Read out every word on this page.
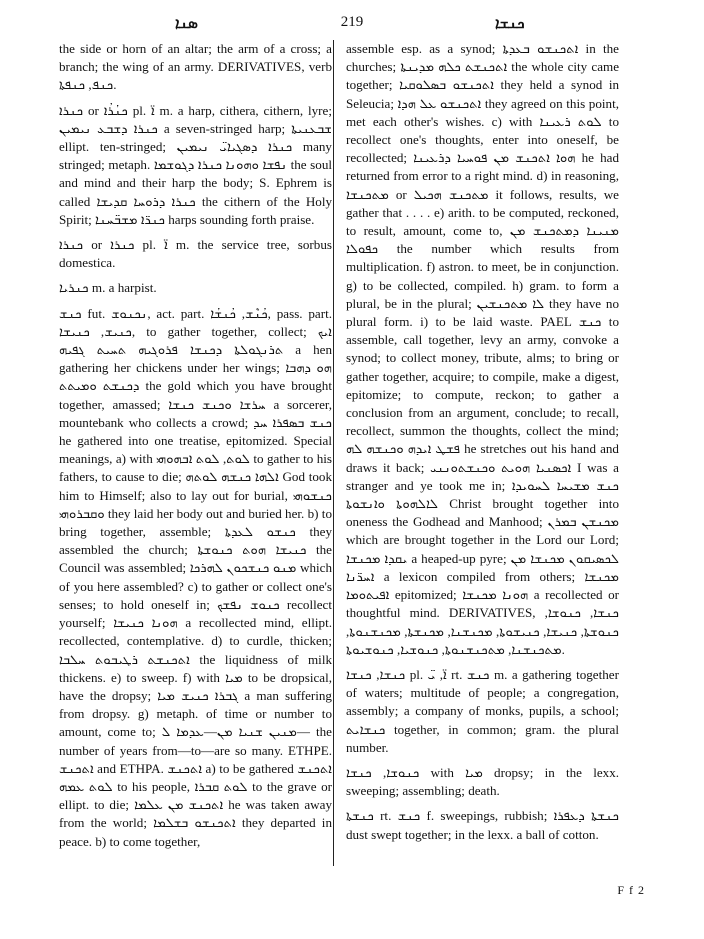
ܣܢܐ	219	ܟܢܫܐ

the side or horn of an altar; the arm of a cross; a branch; the wing of an army. DERIVATIVES, verb ܟܢܦ, ܟܢܦܬܐ.

ܟܢܪܐ or ܟܢܳܪܳܐ pl. ܐ̈ m. a harp, cithera, cithern, lyre; ܟܢܪܐ ܕܫܒܥ ܢܝܡܝܢ a seven-stringed harp; ܫܒܥܢܝܬܐ ellipt. ten-stringed; ܟܢܪܐ ܕܣܓܝܐܝ̈ ܢܝܡܝܢ many stringed; metaph. ܢܦܫܐ ܘܗܘܢܐ ܟܢܪܐ ܕܓܘܫܡܐ the soul and mind and their harp the body; S. Ephrem is called ܟܢܪܐ ܕܪܘܚܐ ܩܕܝܫܐ the cithern of the Holy Spirit; ܟܢܪ̈ܐ ܡܫܒ̈ܚܢܐ harps sounding forth praise.

ܟܢܪܐ or ܟܢܪܐ pl. ܐ̈ m. the service tree, sorbus domestica.

ܟܢܪܝܐ m. a harpist.

ܟܢܫ fut. ܢܟܢܘܫ, act. part. ܟܳܢܶܫ, ܟܳܢܫܳܐ, pass. part. ܟܢܝܫ, ܟܢܝܫܐ, to gather together, collect; ܐܝܟ ܬܪܢܓܘܠܬܐ ܕܟܢܫܐ ܦܪܘܓܝܗ ܬܚܝܬ ܓܦܝܗ a hen gathering her chickens under her wings; ܗܘ ܕܗܒܐ ܕܟܢܫܬ ܘܡܝܬܬ the gold which you have brought together, amassed; ܚܪܫܐ ܘܟܢܫ ܟܢܫܐ a sorcerer, mountebank who collects a crowd; ܟܢܫ ܒܣܦܪܐ ܚܕ he gathered into one treatise, epitomized. Special meanings, a) with ܠܘܬ, ܠܘܬ ܐܒܗܘܗܝ to gather to his fathers, to cause to die; ܐܠܗܐ ܟܢܫܗ ܠܘܬܗ God took him to Himself; also to lay out for burial, ܟܢܫܘܗܝ ܘܩܒܪܘܗܝ they laid her body out and buried her. b) to bring together, assemble; ܟܢܫܘ ܠܥܕܬܐ they assembled the church; ܟܢܝܫܐ ܗܘܬ ܟܢܘܫܬܐ the Council was assembled; ܡܢܘ ܟܢܫܟܘܢ ܠܗܪܟܐ which of you here assembled? c) to gather or collect one's senses; to hold oneself in; ܟܢܘܫ ܢܦܫܟ recollect yourself; ܗܘܢܐ ܟܢܝܫܐ a recollected mind, ellipt. recollected, contemplative. d) to curdle, thicken; ܐܬܟܢܫܬ ܪܛܝܒܘܬ ܚܠܒܐ the liquidness of milk thickens. e) to sweep. f) with ܡܝܐ to be dropsical, have the dropsy; ܓܒܪܐ ܟܢܝܫ ܡܝܐ a man suffering from dropsy. g) metaph. of time or number to amount, come to; ܡܢܝܢ ܫܢܝܐ ܡܢ—ܥܕܡܐ ܠ— the number of years from—to—are so many. ETHPE. ܐܬܟܢܫ and ETHPA. ܐܬܟܢܫ a) to be gathered ܐܬܟܢܫ ܠܘܬ ܥܡܗ to his people, ܠܘܬ ܩܒܪܐ to the grave or ellipt. to die; ܐܬܟܢܫ ܡܢ ܥܠܡܐ he was taken away from the world; ܐܬܟܢܫܘ ܒܫܠܡܐ they departed in peace. b) to come together,

assemble esp. as a synod; ܐܬܟܢܫܘ ܒܥܕܬܐ in the churches; ܐܬܟܢܫܬ ܟܠܗ ܡܕܝܢܬܐ the whole city came together; ܐܬܟܢܫܘ ܒܣܠܘܩܝܐ they held a synod in Seleucia; ܐܬܟܢܫܘ ܥܠ ܗܕܐ they agreed on this point, met each other's wishes. c) with ܠܘܬ ܪܥܝܢܐ to recollect one's thoughts, enter into oneself, be recollected; ܗܘܐ ܐܬܟܢܫ ܡܢ ܦܘܚܝܐ ܕܪܥܝܢܐ he had returned from error to a right mind. d) in reasoning, ܡܬܟܢܫܐ or ܡܬܟܢܫ ܗܟܝܠ it follows, results, we gather that . . . . e) arith. to be computed, reckoned, to result, amount, come to, ܡܢܝܢܐ ܕܡܬܟܢܫ ܡܢ ܟܦܘܠܐ the number which results from multiplication. f) astron. to meet, be in conjunction. g) to be collected, compiled. h) gram. to form a plural, be in the plural; ܠܐ ܡܬܟܢܫܝܢ they have no plural form. i) to be laid waste. PAEL ܟܢܫ to assemble, call together, levy an army, convoke a synod; to collect money, tribute, alms; to bring or gather together, acquire; to compile, make a digest, epitomize; to compute, reckon; to gather a conclusion from an argument, conclude; to recall, recollect, summon the thoughts, collect the mind; ܦܫܛ ܐܝܕܗ ܘܟܢܫܗ ܠܗ he stretches out his hand and draws it back; ܐܟܣܢܝܐ ܗܘܝܬ ܘܟܢܫܬܘܢܢܝ I was a stranger and ye took me in; ܟܢܫ ܡܫܝܚܐ ܠܚܘܝܕܐ ܠܐܠܗܘܬܐ ܘܐܢܫܘܬܐ Christ brought together into oneness the Godhead and Manhood; ܡܟܢܫܢ ܒܡܪܢ which are brought together in the Lord our Lord; ܝܩܕܐ ܡܟܢܫܐ a heaped-up pyre; ܠܟܣܝܩܘܢ ܡܟܢܫܐ ܡܢ ܐܚܪ̈ܢܐ a lexicon compiled from others; ܡܟܢܫܐ ܐܦܝܬܘܡܐ epitomized; ܗܘܢܐ ܡܟܢܫܐ a recollected or thoughtful mind. DERIVATIVES, ܟܢܫܐ, ܟܢܘܫܐ, ܟܢܘܫܬܐ, ܟܢܝܫܐ, ܟܢܝܫܘܬܐ, ܡܟܢܫܢܐ, ܡܟܢܫܬܐ, ܡܟܢܫܢܘܬܐ, ܡܬܟܢܫܢܐ, ܡܬܟܢܫܢܘܬܐ, ܟܢܘܫܝܐ, ܟܢܘܫܝܘܬܐ.

ܟܢܫܐ, ܟܢܫܐ pl. ܐ̈, ܝ̈ rt. ܟܢܫ m. a gathering together of waters; multitude of people; a congregation, assembly; a company of monks, pupils, a school; ܟܢܫܐܝܬ together, in common; gram. the plural number.

ܟܢܘܫܐ, ܟܢܫܐ with ܡܝܐ dropsy; in the lexx. sweeping; assembling; death.

ܟܢܫܬܐ rt. ܟܢܫ f. sweepings, rubbish; ܟܢܫܬܐ ܕܥܦܪܐ dust swept together; in the lexx. a ball of cotton.

F f 2
